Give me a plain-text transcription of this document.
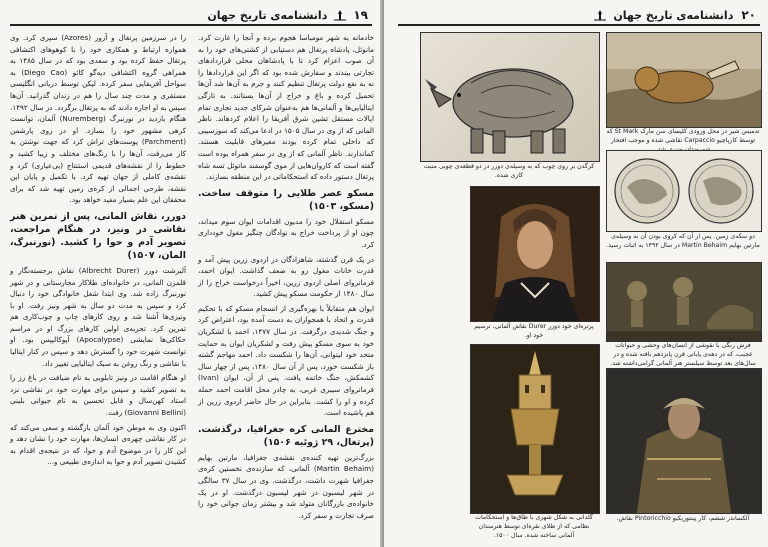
۱۹
دانشنامه‌ی تاریخ جهان

خادمانه به شهر مومباسا هجوم برده و آنجا را غارت کرد. مانوئل، پادشاه پرتغال هم دستیابی از کشتی‌های خود را به آن صوب اعزام کرد تا با پادشاهان محلی قراردادهای تجارتی ببندند و سفارش شده بود که اگر این قراردادها را نه به نفع دولت پرتغال تنظیم کنند و جرم به آن‌ها شد آن‌ها تحمیل کرده و باغ و خراج از آن‌ها بستانند. به تازگی ایتالیایی‌ها و آلمانی‌ها هم به‌عنوان شرکای جدید تجاری تمام ایالات مستقل تشین شرق آفریقا را اعلام کردهاند. ناظر المانی که از وی در سال ۱۵۰۵ در ادعا می‌کند که سوزسیبی که داخلی تمام کرده بودند مغیرهای قابلیت هستند. کماندارند. ناظر آلمانی که از وی در سفر همراه بوده است گفته است که کاروان‌هایی از موی گوسفند ماتوئل تسه شاه پرتغال دستور داده که استحکاماتی در این منطقه بسازند.

مسکو عصر طلایی را متوقف ساخت. (مسکو، ۱۵۰۳)

مسکو استقلال خود را مدیون اقدامات ایوان سوم میداند، چون او از پرداخت خراج به نوادگان چنگیز مغول خودداری کرد.

در یک قرن گذشته، شاهزادگان در اردوی زرین پیش آمد و قدرت خانات مغول رو به ضعف گذاشت. ایوان احمد، فرمانروای اصلی اردوی زرین، اخیراً درخواست خراج را از سال ۱۴۸۰ از حکومت مسکو پیش کشید.

ایوان هم متقابلاً با بهره‌گیری از انسجام مسکو که با تحکیم قدرت و اتحاد با همجواران به دست آمده بود، اعتراض کرد و جنگ شدیدی درگرفت. در سال ۱۴۷۷، احمد با لشکریان خود به سوی مسکو پیش رفت و لشکریان ایوان به حمایت متحد خود لیتوانی، آن‌ها را شکست داد. احمد مهاجم گشته باز شکست خورد، پس از آن سال ۱۴۸۰، پس از چهار سال کشمکش، جنگ خاتمه یافت. پس از آن، ایوان (Ivan) فرمانروای سیبری غربی، به چادر محل اقامت احمد حمله کرده و او را کشت. بنابراین در حال حاضر اردوی زرین از هم پاشیده است.

مخترع المانی کره جغرافیا، درگذشت. (پرتغال، ۲۹ ژوئیه ۱۵۰۶)

بزرگ‌ترین تهیه کننده‌ی نقشه‌ی جغرافیا، مارتین بهایم (Martin Behaim) آلمانی، که سازنده‌ی نخستین کره‌ی جغرافیا شهرت داشت، درگذشت. وی در سال ۳۷ سالگی در شهر لیسبون در شهر لیسبون درگذشت. او در یک خانواده‌ی بازرگانان متولد شد و بیشتر زمان جوانی خود را صرف تجارت و سفر کرد.

را در سرزمین پرتغال و آزور (Azores) سپری کرد. وی همواره ارتباط و همکاری خود را با کوهوهای اکتشافی پرتغال حفظ کرده بود و سعدی بود که در سال ۱۴۸۵ به همراهی گروه اکتشافی دیه‌گو کائو (Diego Cao) به سواحل آفریقایی سفر کرده. لیکن توسط دریانی انگلیسی مستقری و مدت چند سال را هم در زندان گذرانید. آن‌ها سپس به او اجازه دادند که به پرتغال برگردد. در سال ۱۴۹۲، هنگام بازدید در نورنبرگ (Nuremberg) آلمان، توانست کرهی مشهور خود را بسازد. او در روی پارشمن (Parchment) پوست‌های تراش کرد که جهت نوشتن به کار می‌رفت، آن‌ها را با رنگ‌های مختلف و زیبا کشید و خطوط را از نقشه‌های قدیمی استنتاج (بی‌عیاری) کرد و نقشه‌ی کاملی از جهان تهیه کرد. با تکمیل و پایان این نقشه، طرحی اجمالی از کره‌ی زمین تهیه شد که برای محققان این علم بسیار مفید خواهد بود.

دورر، نقاش المانی، پس از تمرین هنر نقاشی در ونیز، در هنگام مراجعت، تصویر آدم و حوا را کشید. (نورنبرگ، المان، ۱۵۰۷)

آلبرشت دورر (Albrecht Durer) نقاش برجسته‌نگار و قلمزن المانی، در خانواده‌ای طلاکار مجارستانی و در شهر نورنبرگ زاده شد. وی ابتدا شغل خانوادگی خود را دنبال کرد و سپس به مدت دو سال به شهر ونیز رفت. او با ونیزی‌ها آشنا شد و روی کارهای چاپ و چوب‌کاری هم تمرین کرد. تجربه‌ی اولین کارهای بزرگ او در مراسم حکاکی‌ها نمایشی (Apocalypse) آپوکالیپس بود. او توانست شهرت خود را گسترش دهد و سپس در کنار ایتالیا با نقاشی و رنگ روغن به سبک ایتالیایی تغییر داد.

او هنگام اقامت در ونیز تابلویی به نام ضیافت در باغ رز را به تصویر کشید و سپس برای مهارت خود در نقاشی نزد استاد کهن‌سال و قابل تحسین به نام جیوانی بلینی (Giovanni Bellini) رفت.

اکنون وی به موطن خود آلمان بازگشته و سعی می‌کند که در کار نقاشی چهره‌ی انسان‌ها، مهارت خود را نشان دهد و این کار را در موضوع آدم و حوا، که در نتیجه‌ی اقدام به کشیدن تصویر آدم و حوا به اندازه‌ی طبیعی و...

۲۰
دانشنامه‌ی تاریخ جهان
کرگدن بر روی چوب که به وسیله‌ی دورر در دو قطعه‌ی چوبی منبت کاری شده.
تدمیس شیر در محل ورودی کلیسای سن مارک St Mark که توسط کارپاچیو Carpaccio نقاشی شده و موجب افتخار
دو سکه‌ی زمین. پس از آن که کروی بودن آن به وسیله‌ی مارتین بهایم Martin Behaim در سال ۱۴۹۲ به اثبات رسید.
پرتره‌ای خود دورر Durer نقاش آلمانی، ترسیم خود او.
فرش رنگی با نقوشی از انسان‌های وحشی و حیوانات عجیب، که در دهه‌ی پایانی قرن پانزدهم بافته شده و در سال‌های بعد توسط سیلستر هنر آلمانی گرامی‌داشته شد.
گلدانی به شکل شهری با طاق‌ها و استحکامات نظامی که از طلای نقره‌ای توسط هنرمندان آلمانی ساخته شده. سال ۱۵۰۰.
آلکساندر ششم، کار پینتوریکیو Pintoricchio نقاش.
